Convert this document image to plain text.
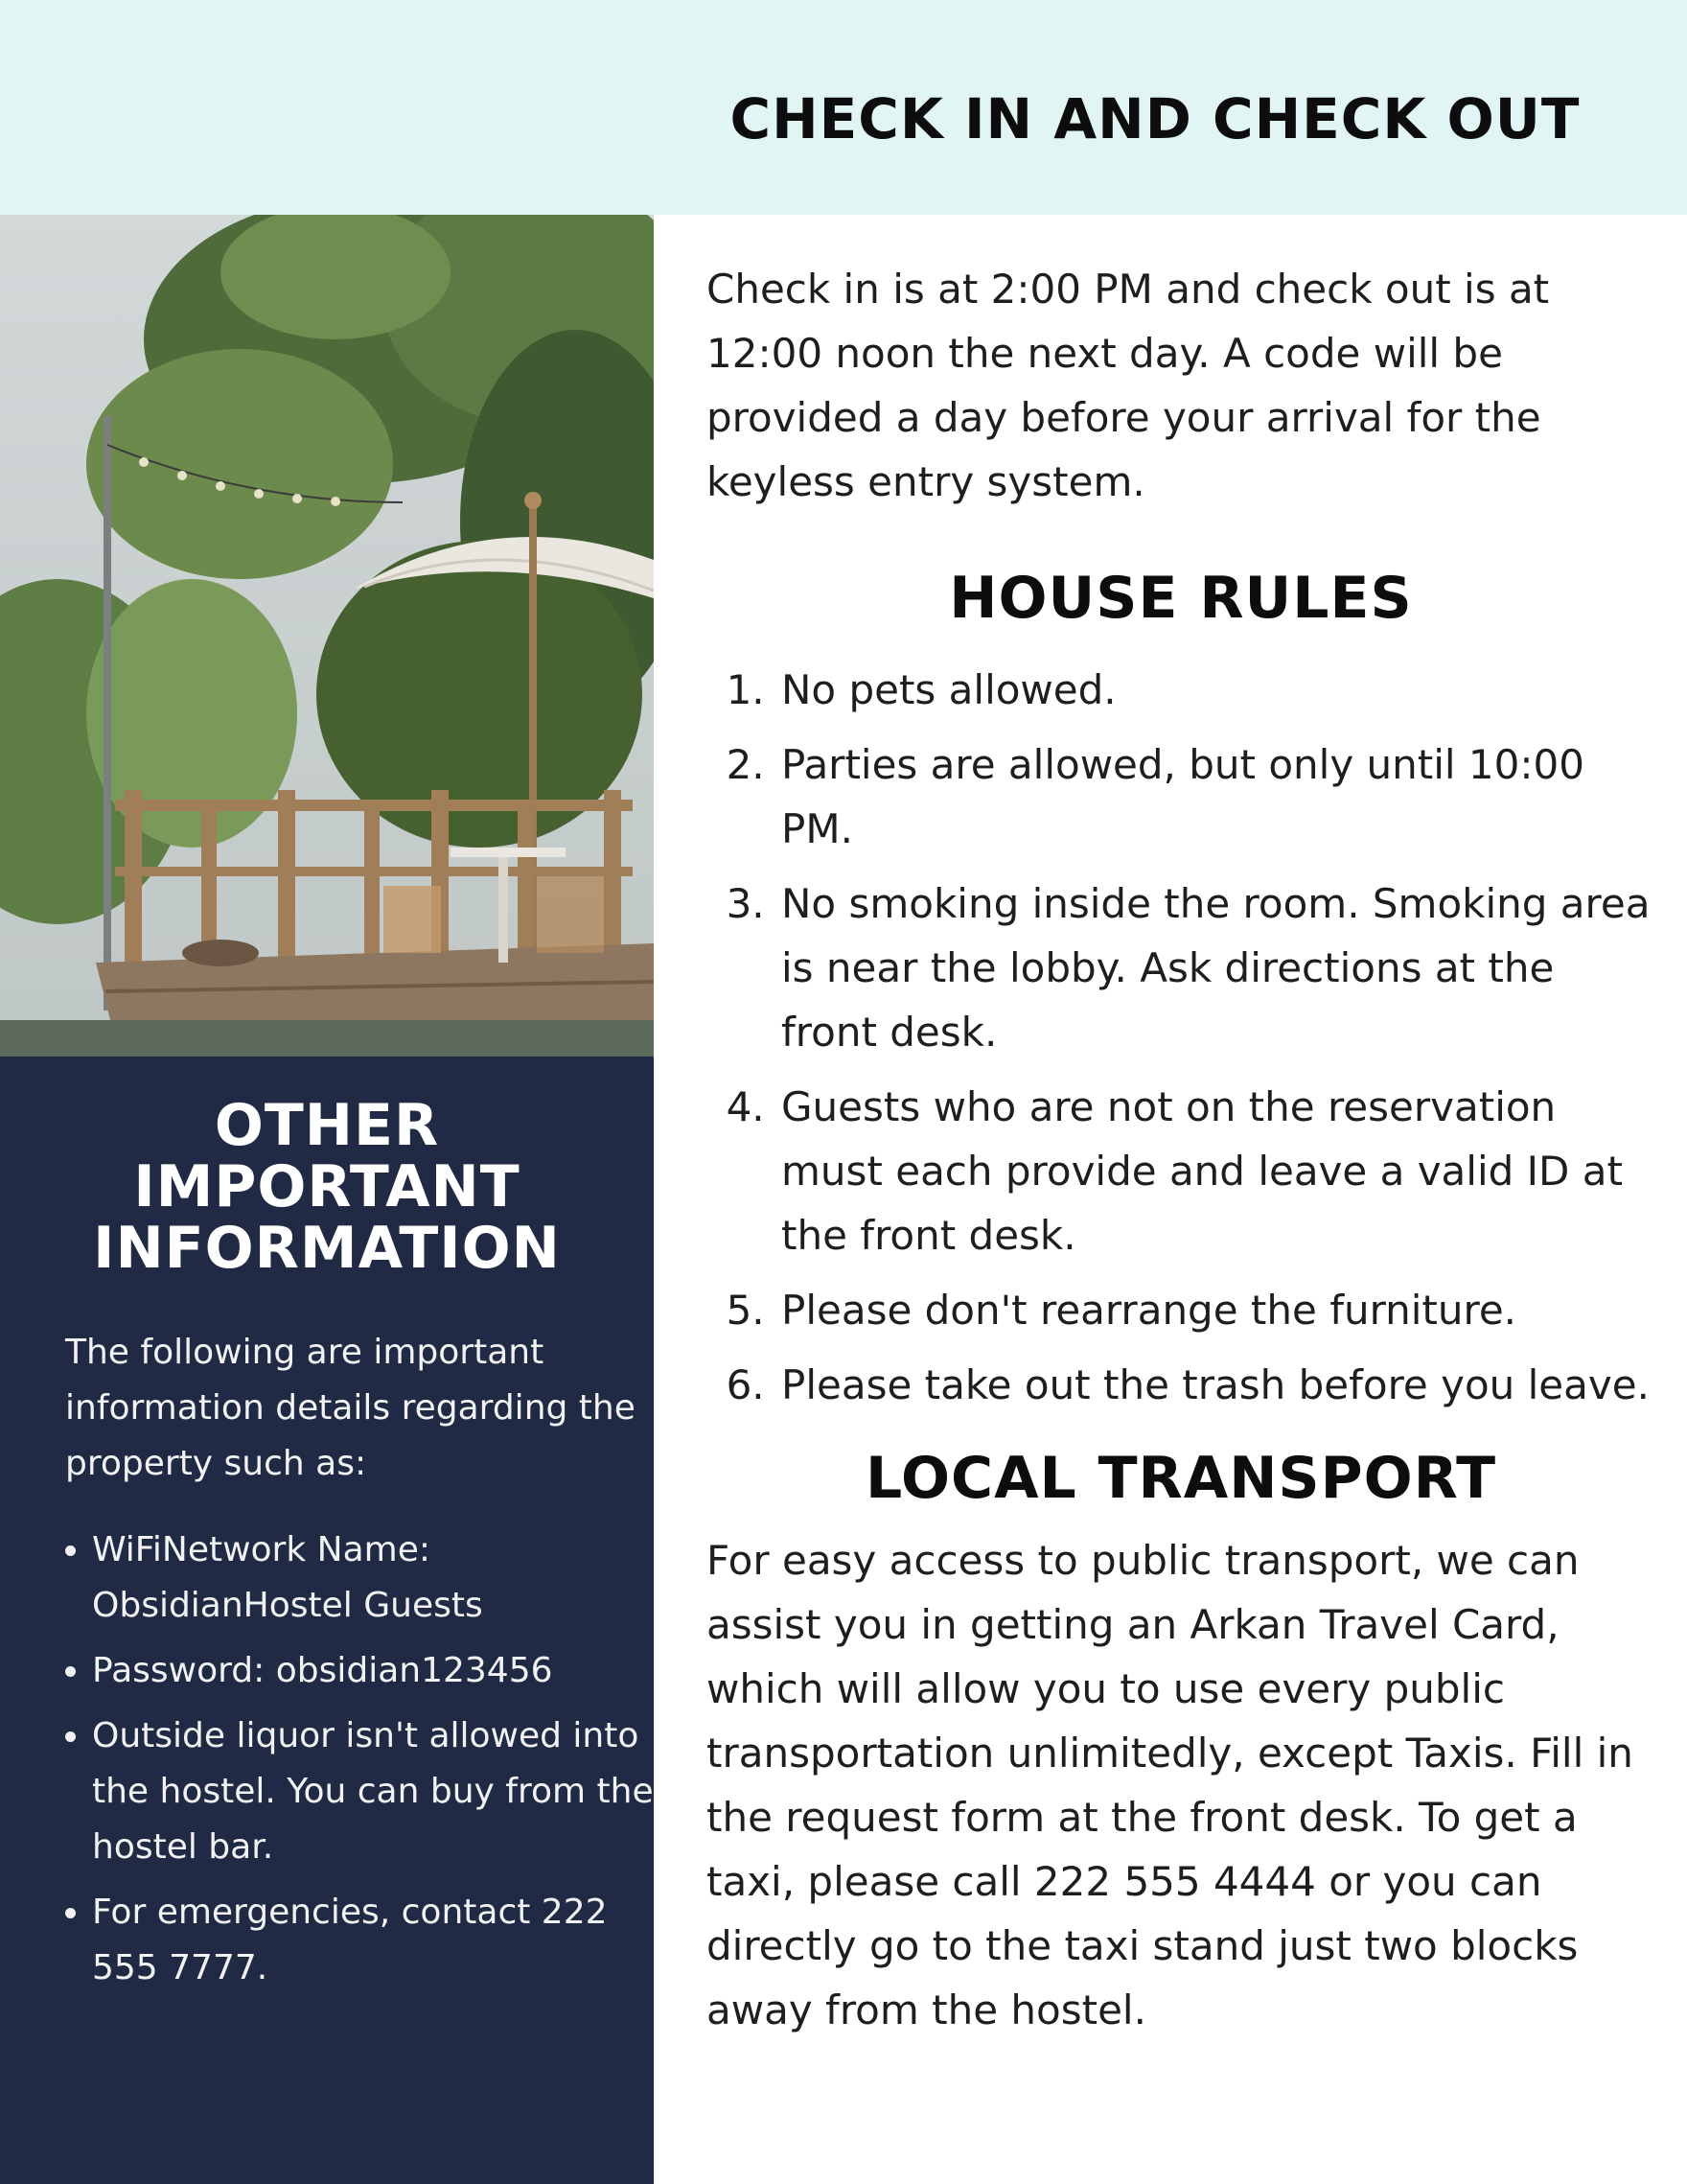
CHECK IN AND CHECK OUT
OTHER
IMPORTANT
INFORMATION

The following are important information details regarding the property such as:

• WiFiNetwork Name: ObsidianHostel Guests
• Password: obsidian123456
• Outside liquor isn't allowed into the hostel. You can buy from the hostel bar.
• For emergencies, contact 222 555 7777.

Check in is at 2:00 PM and check out is at 12:00 noon the next day. A code will be provided a day before your arrival for the keyless entry system.

HOUSE RULES
1. No pets allowed.
2. Parties are allowed, but only until 10:00 PM.
3. No smoking inside the room. Smoking area is near the lobby. Ask directions at the front desk.
4. Guests who are not on the reservation must each provide and leave a valid ID at the front desk.
5. Please don't rearrange the furniture.
6. Please take out the trash before you leave.
LOCAL TRANSPORT

For easy access to public transport, we can assist you in getting an Arkan Travel Card, which will allow you to use every public transportation unlimitedly, except Taxis. Fill in the request form at the front desk. To get a taxi, please call 222 555 4444 or you can directly go to the taxi stand just two blocks away from the hostel.
